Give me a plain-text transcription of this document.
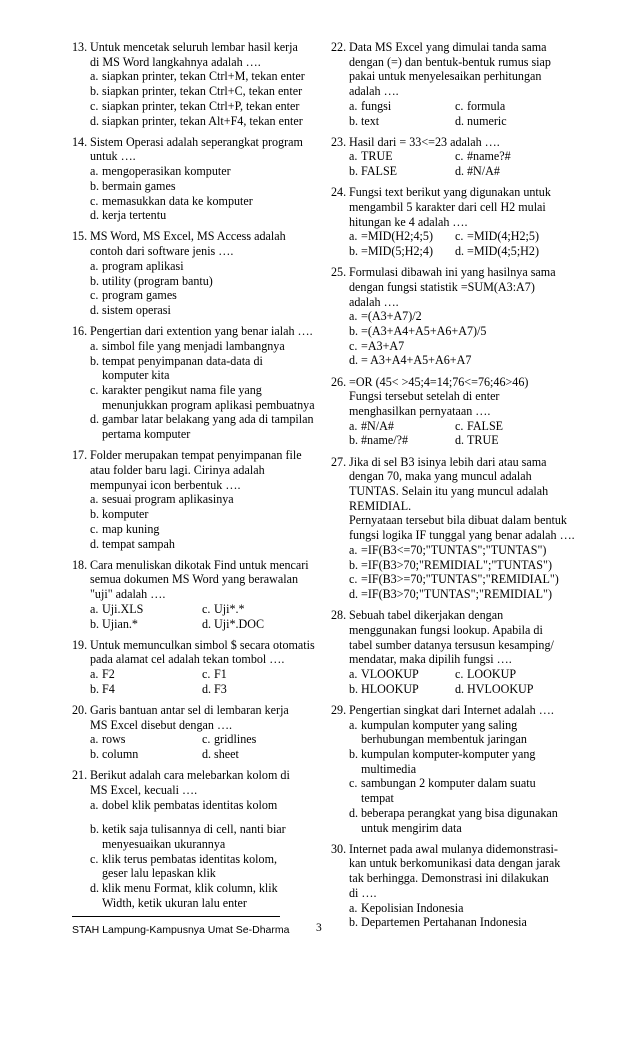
13. Untuk mencetak seluruh lembar hasil kerja
di MS Word langkahnya adalah ….
a. siapkan printer, tekan Ctrl+M, tekan enter
b. siapkan printer, tekan Ctrl+C, tekan enter
c. siapkan printer, tekan Ctrl+P, tekan enter
d. siapkan printer, tekan Alt+F4, tekan enter
14. Sistem Operasi adalah seperangkat program
untuk ….
a. mengoperasikan komputer
b. bermain games
c. memasukkan data ke komputer
d. kerja tertentu
15. MS Word, MS Excel, MS Access adalah
contoh dari software jenis ….
a. program aplikasi
b. utility (program bantu)
c. program games
d. sistem operasi
16. Pengertian dari extention yang benar ialah ….
a. simbol file yang menjadi lambangnya
b. tempat penyimpanan data-data di
komputer kita
c. karakter pengikut nama file yang
menunjukkan program aplikasi pembuatnya
d. gambar latar belakang yang ada di tampilan
pertama komputer
17. Folder merupakan tempat penyimpanan file
atau folder baru lagi. Cirinya adalah
mempunyai icon berbentuk ….
a. sesuai program aplikasinya
b. komputer
c. map kuning
d. tempat sampah
18. Cara menuliskan dikotak Find untuk mencari
semua dokumen MS Word yang berawalan
"uji" adalah ….
a. Uji.XLS	c. Uji*.*
b. Ujian.*	d. Uji*.DOC
19. Untuk memunculkan simbol $ secara otomatis
pada alamat cel adalah tekan tombol ….
a. F2	c. F1
b. F4	d. F3
20. Garis bantuan antar sel di lembaran kerja
MS Excel disebut dengan ….
a. rows	c. gridlines
b. column	d. sheet
21. Berikut adalah cara melebarkan kolom di
MS Excel, kecuali ….
a. dobel klik pembatas identitas kolom
b. ketik saja tulisannya di cell, nanti biar
menyesuaikan ukurannya
c. klik terus pembatas identitas kolom,
geser lalu lepaskan klik
d. klik menu Format, klik column, klik
Width, ketik ukuran lalu enter
22. Data MS Excel yang dimulai tanda sama
dengan (=) dan bentuk-bentuk rumus siap
pakai untuk menyelesaikan perhitungan
adalah ….
a. fungsi	c. formula
b. text	d. numeric
23. Hasil dari = 33<=23 adalah ….
a. TRUE	c. #name?#
b. FALSE	d. #N/A#
24. Fungsi text berikut yang digunakan untuk
mengambil 5 karakter dari cell H2 mulai
hitungan ke 4 adalah ….
a. =MID(H2;4;5) c. =MID(4;H2;5)
b. =MID(5;H2;4) d. =MID(4;5;H2)
25. Formulasi dibawah ini yang hasilnya sama
dengan fungsi statistik =SUM(A3:A7)
adalah ….
a. =(A3+A7)/2
b. =(A3+A4+A5+A6+A7)/5
c. =A3+A7
d. = A3+A4+A5+A6+A7
26. =OR (45< >45;4=14;76<=76;46>46)
Fungsi tersebut setelah di enter
menghasilkan pernyataan ….
a. #N/A#	c. FALSE
b. #name/?#	d. TRUE
27. Jika di sel B3 isinya lebih dari atau sama
dengan 70, maka yang muncul adalah
TUNTAS. Selain itu yang muncul adalah
REMIDIAL.
Pernyataan tersebut bila dibuat dalam bentuk
fungsi logika IF tunggal yang benar adalah ….
a. =IF(B3<=70;"TUNTAS";"TUNTAS")
b. =IF(B3>70;"REMIDIAL";"TUNTAS")
c. =IF(B3>=70;"TUNTAS";"REMIDIAL")
d. =IF(B3>70;"TUNTAS";"REMIDIAL")
28. Sebuah tabel dikerjakan dengan
menggunakan fungsi lookup. Apabila di
tabel sumber datanya tersusun kesamping/
mendatar, maka dipilih fungsi ….
a. VLOOKUP	c. LOOKUP
b. HLOOKUP	d. HVLOOKUP
29. Pengertian singkat dari Internet adalah ….
a. kumpulan komputer yang saling
berhubungan membentuk jaringan
b. kumpulan komputer-komputer yang
multimedia
c. sambungan 2 komputer dalam suatu
tempat
d. beberapa perangkat yang bisa digunakan
untuk mengirim data
30. Internet pada awal mulanya didemonstrasi-
kan untuk berkomunikasi data dengan jarak
tak berhingga. Demonstrasi ini dilakukan
di ….
a. Kepolisian Indonesia
b. Departemen Pertahanan Indonesia
STAH Lampung-Kampusnya Umat Se-Dharma 3
